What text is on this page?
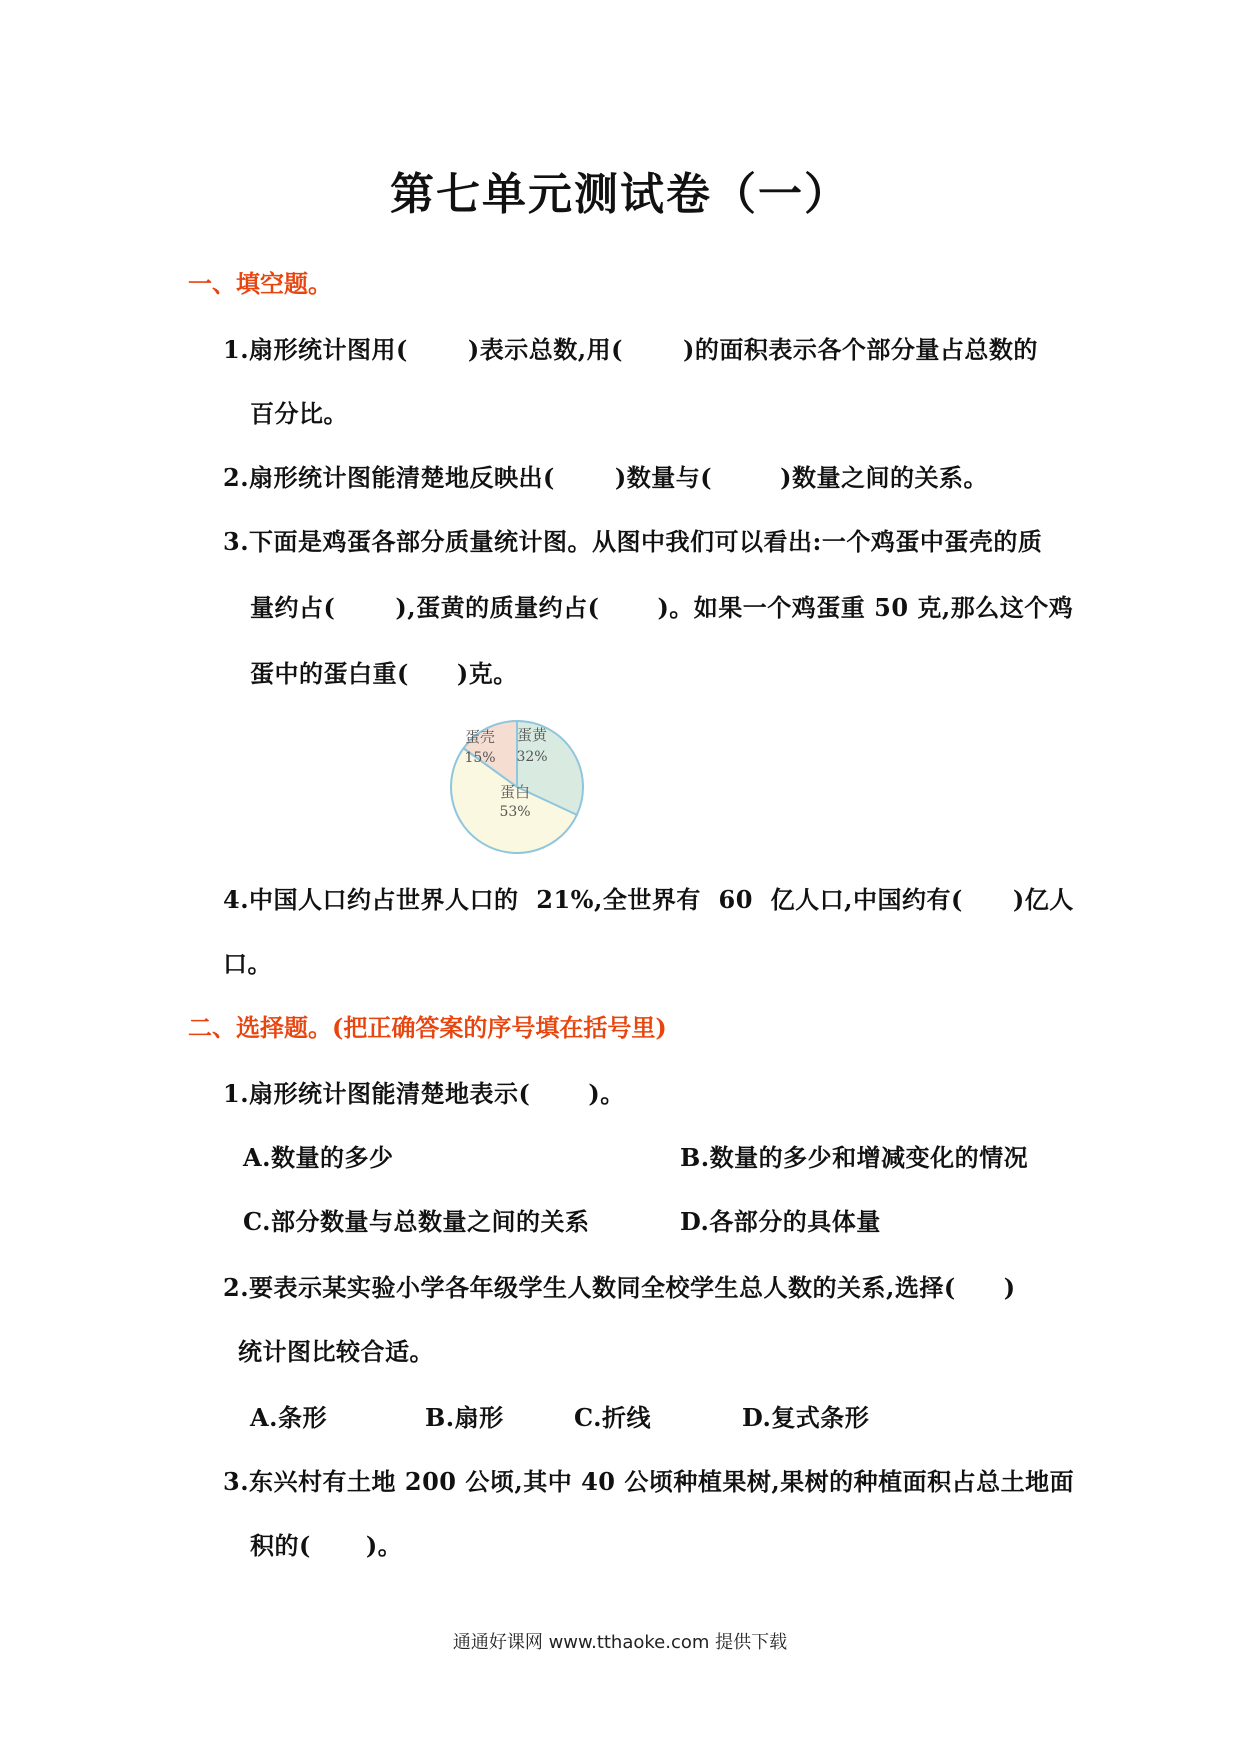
第七单元测试卷（一）
一、填空题。
1.扇形统计图用(	)表示总数,用(	)的面积表示各个部分量占总数的
百分比。
2.扇形统计图能清楚地反映出(	)数量与(	)数量之间的关系。
3.下面是鸡蛋各部分质量统计图。从图中我们可以看出:一个鸡蛋中蛋壳的质
量约占(	),蛋黄的质量约占( )。如果一个鸡蛋重 50 克,那么这个鸡
蛋中的蛋白重( )克。
蛋壳
15%
蛋黄
32%
蛋白
53%
4.中国人口约占世界人口的  21%,全世界有  60  亿人口,中国约有( )亿人
口。
二、选择题。(把正确答案的序号填在括号里)
1.扇形统计图能清楚地表示( )。
A.数量的多少	B.数量的多少和增减变化的情况
C.部分数量与总数量之间的关系	D.各部分的具体量
2.要表示某实验小学各年级学生人数同全校学生总人数的关系,选择( )
统计图比较合适。
A.条形	B.扇形	C.折线	D.复式条形
3.东兴村有土地 200 公顷,其中 40 公顷种植果树,果树的种植面积占总土地面
积的( )。
通通好课网 www.tthaoke.com 提供下载
